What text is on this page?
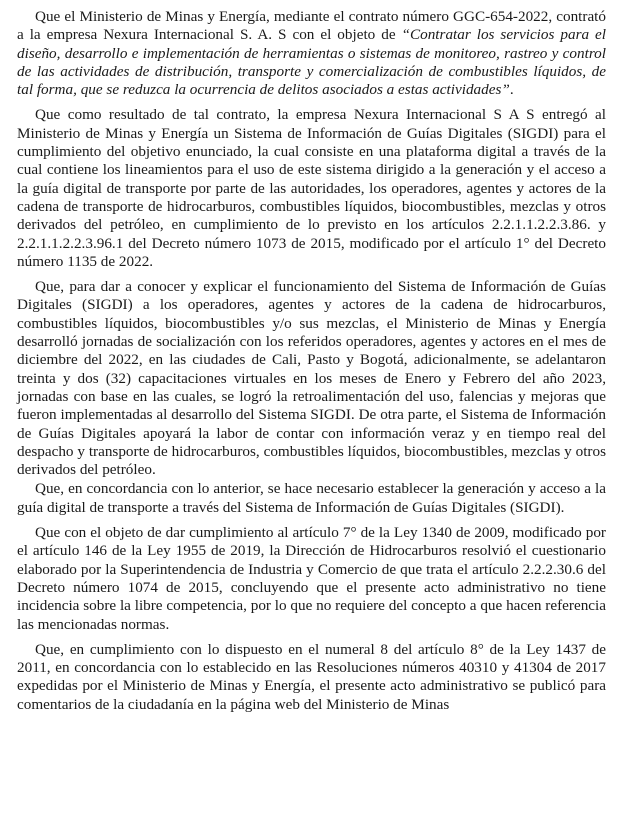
Que el Ministerio de Minas y Energía, mediante el contrato número GGC-654-2022, contrató a la empresa Nexura Internacional S. A. S con el objeto de “Contratar los servicios para el diseño, desarrollo e implementación de herramientas o sistemas de monitoreo, rastreo y control de las actividades de distribución, transporte y comercialización de combustibles líquidos, de tal forma, que se reduzca la ocurrencia de delitos asociados a estas actividades”.

Que como resultado de tal contrato, la empresa Nexura Internacional S A S entregó al Ministerio de Minas y Energía un Sistema de Información de Guías Digitales (SIGDI) para el cumplimiento del objetivo enunciado, la cual consiste en una plataforma digital a través de la cual contiene los lineamientos para el uso de este sistema dirigido a la generación y el acceso a la guía digital de transporte por parte de las autoridades, los operadores, agentes y actores de la cadena de transporte de hidrocarburos, combustibles líquidos, biocombustibles, mezclas y otros derivados del petróleo, en cumplimiento de lo previsto en los artículos 2.2.1.1.2.2.3.86. y 2.2.1.1.2.2.3.96.1 del Decreto número 1073 de 2015, modificado por el artículo 1° del Decreto número 1135 de 2022.

Que, para dar a conocer y explicar el funcionamiento del Sistema de Información de Guías Digitales (SIGDI) a los operadores, agentes y actores de la cadena de hidrocarburos, combustibles líquidos, biocombustibles y/o sus mezclas, el Ministerio de Minas y Energía desarrolló jornadas de socialización con los referidos operadores, agentes y actores en el mes de diciembre del 2022, en las ciudades de Cali, Pasto y Bogotá, adicionalmente, se adelantaron treinta y dos (32) capacitaciones virtuales en los meses de Enero y Febrero del año 2023, jornadas con base en las cuales, se logró la retroalimentación del uso, falencias y mejoras que fueron implementadas al desarrollo del Sistema SIGDI. De otra parte, el Sistema de Información de Guías Digitales apoyará la labor de contar con información veraz y en tiempo real del despacho y transporte de hidrocarburos, combustibles líquidos, biocombustibles, mezclas y otros derivados del petróleo.

Que, en concordancia con lo anterior, se hace necesario establecer la generación y acceso a la guía digital de transporte a través del Sistema de Información de Guías Digitales (SIGDI).

Que con el objeto de dar cumplimiento al artículo 7° de la Ley 1340 de 2009, modificado por el artículo 146 de la Ley 1955 de 2019, la Dirección de Hidrocarburos resolvió el cuestionario elaborado por la Superintendencia de Industria y Comercio de que trata el artículo 2.2.2.30.6 del Decreto número 1074 de 2015, concluyendo que el presente acto administrativo no tiene incidencia sobre la libre competencia, por lo que no requiere del concepto a que hacen referencia las mencionadas normas.

Que, en cumplimiento con lo dispuesto en el numeral 8 del artículo 8° de la Ley 1437 de 2011, en concordancia con lo establecido en las Resoluciones números 40310 y 41304 de 2017 expedidas por el Ministerio de Minas y Energía, el presente acto administrativo se publicó para comentarios de la ciudadanía en la página web del Ministerio de Minas
